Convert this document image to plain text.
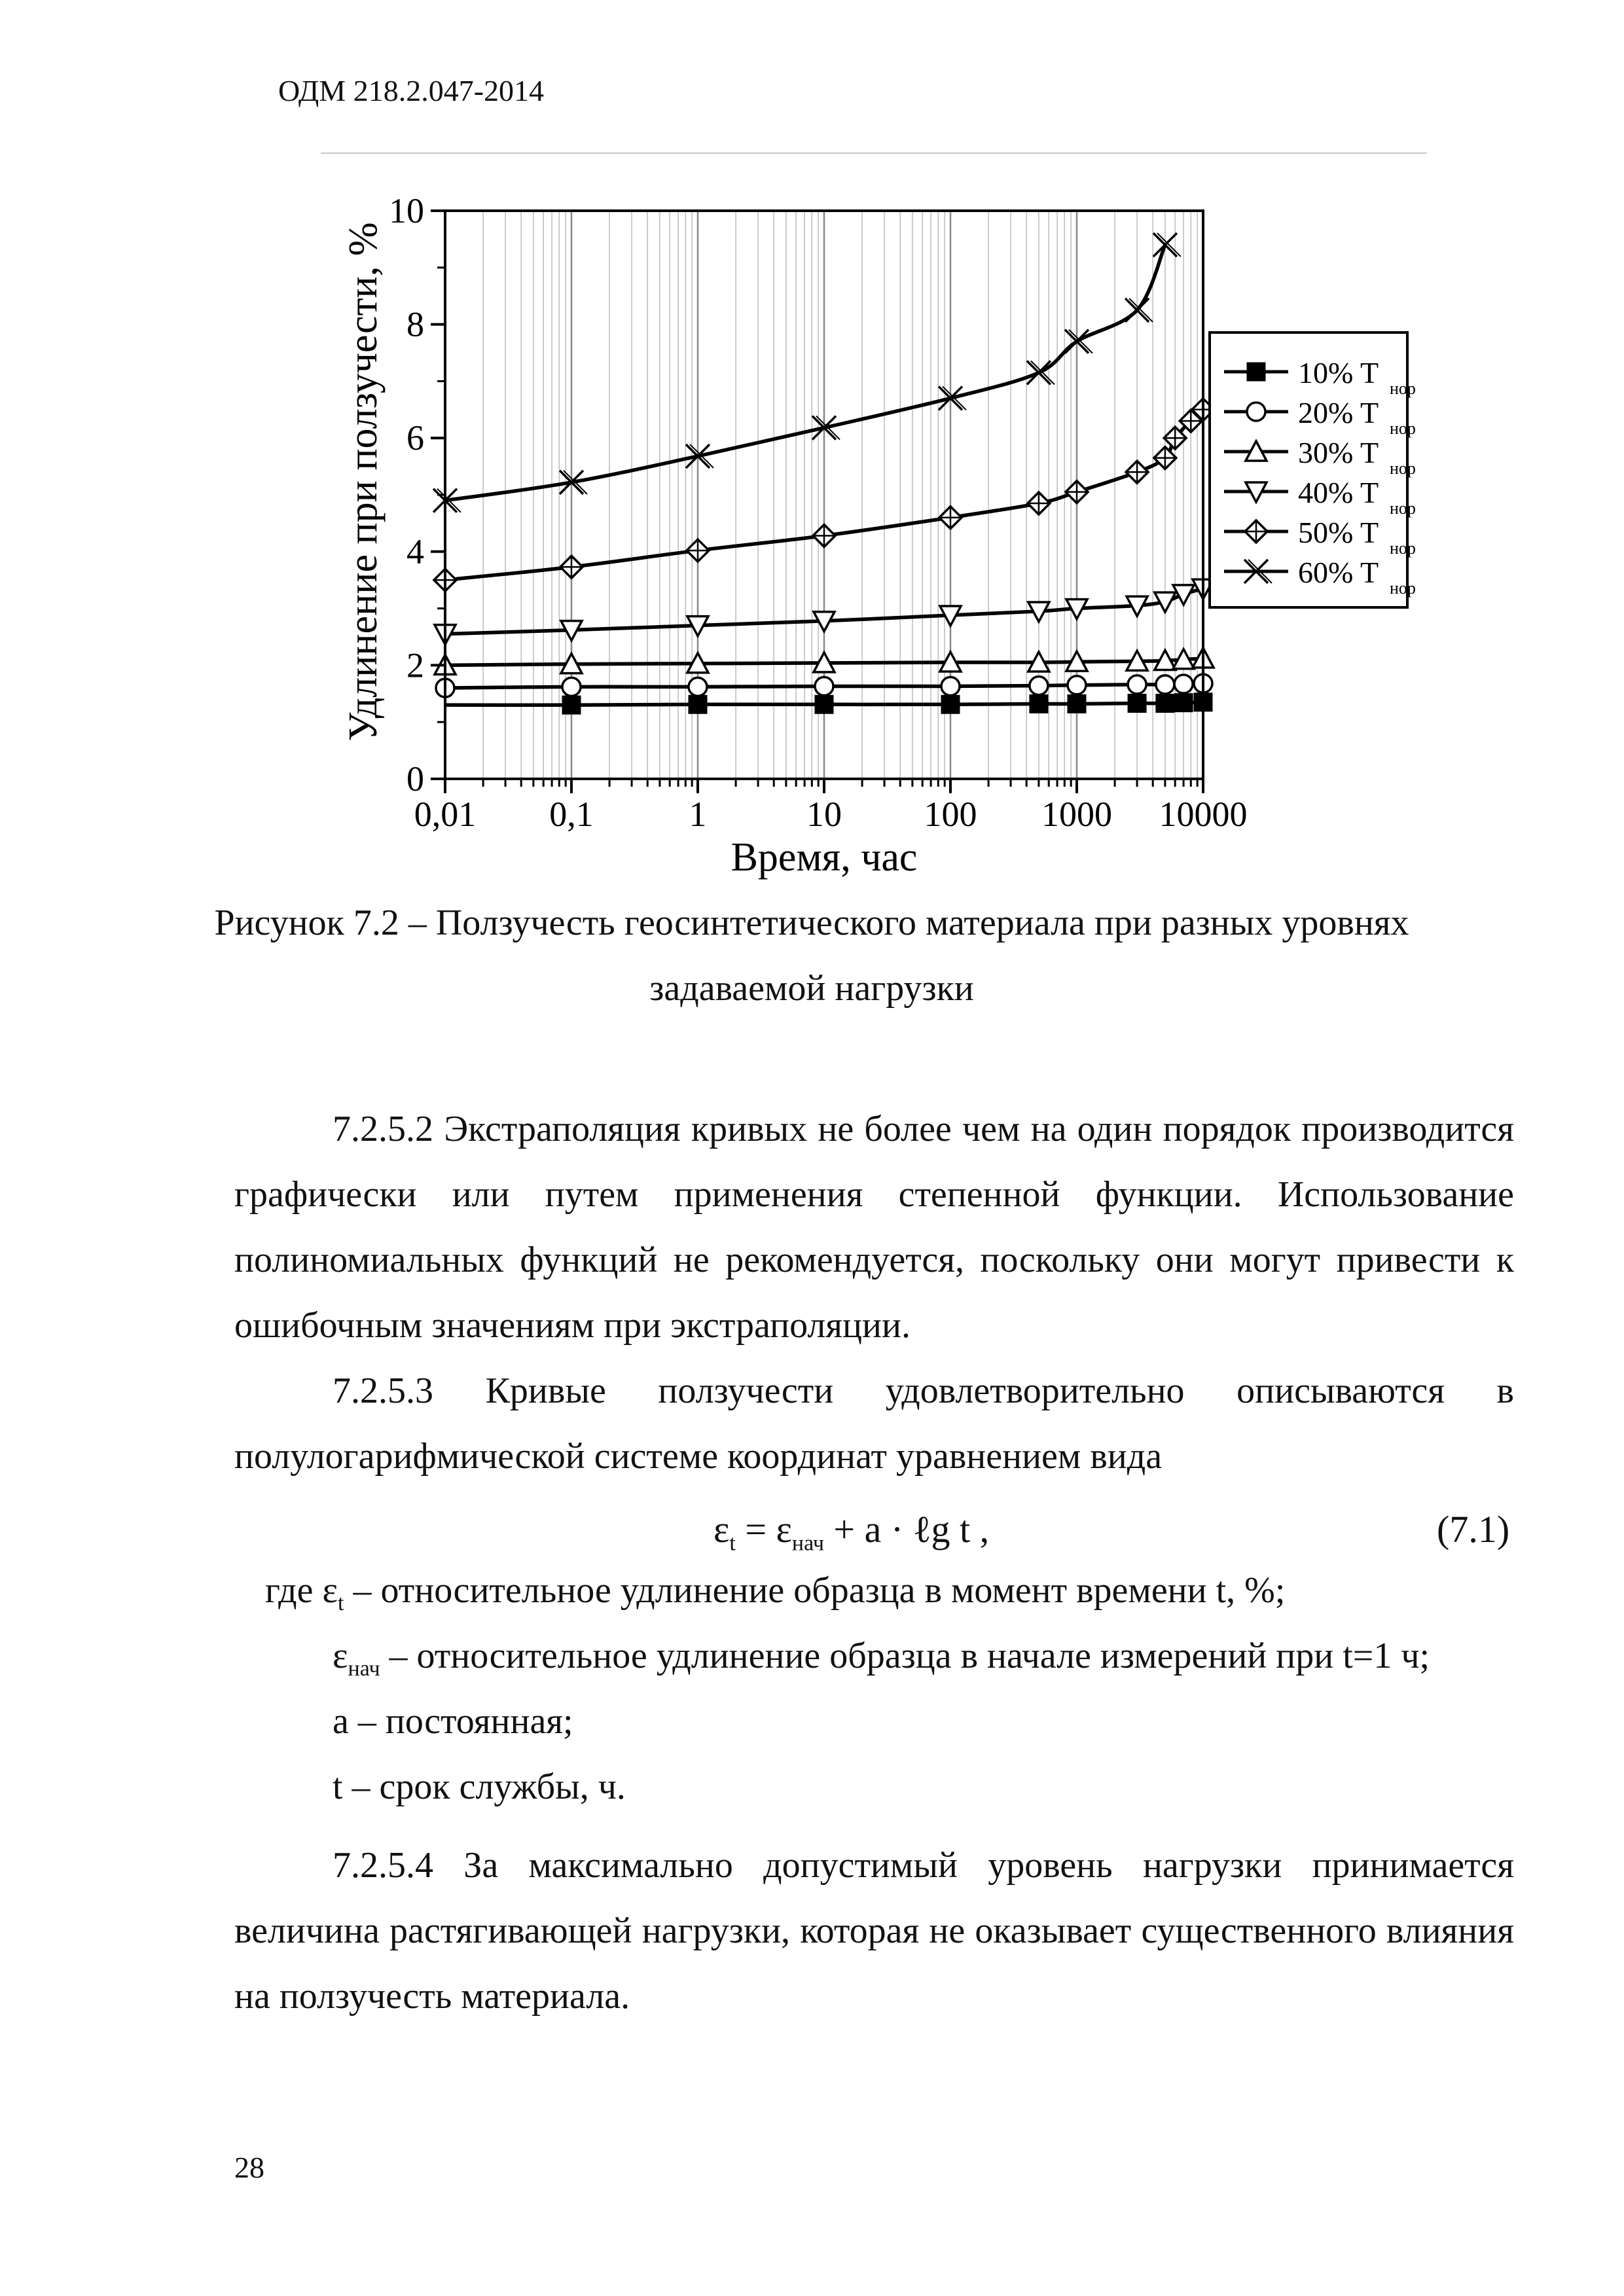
ОДМ 218.2.047-2014
0,01 0,1	1	10 100 1000 10000
0
2
4
6
8
10
Время, час
Удлинение при ползучести, %	10% T нор
20% T нор
30% T нор
40% T нор
50% T нор
60% T нор
Рисунок 7.2 – Ползучесть геосинтетического материала при разных уровнях
задаваемой нагрузки

7.2.5.2 Экстраполяция кривых не более чем на один порядок производится графически или путем применения степенной функции. Использование полиномиальных функций не рекомендуется, поскольку они могут привести к ошибочным значениям при экстраполяции.

7.2.5.3 Кривые ползучести удовлетворительно описываются в полулогарифмической системе координат уравнением вида

$\varepsilon_t = \varepsilon_{нач} + a$ · ℓg t ,	(7.1)
где $\varepsilon_t$ – относительное удлинение образца в момент времени t, %;
$\varepsilon_{нач}$ – относительное удлинение образца в начале измерений при t=1 ч;
a – постоянная;
t – срок службы, ч.

7.2.5.4 За максимально допустимый уровень нагрузки принимается величина растягивающей нагрузки, которая не оказывает существенного влияния на ползучесть материала.

28
